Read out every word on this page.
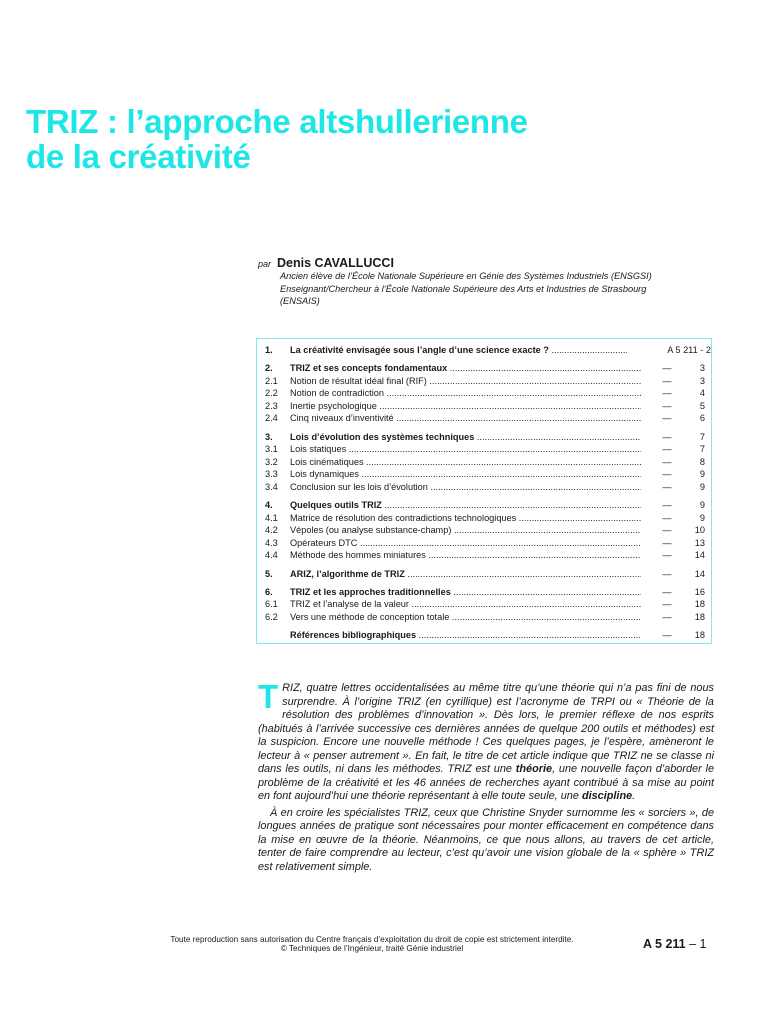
TRIZ : l’approche altshullerienne
de la créativité
par Denis CAVALLUCCI
Ancien élève de l’École Nationale Supérieure en Génie des Systèmes Industriels (ENSGSI)
Enseignant/Chercheur à l’École Nationale Supérieure des Arts et Industries de Strasbourg
(ENSAIS)
1.	La créativité envisagée sous l’angle d’une science exacte ? .....	A 5 211 - 2
2.	TRIZ et ses concepts fondamentaux .....	—	3
2.1	Notion de résultat idéal final (RIF) .....	—	3
2.2	Notion de contradiction .....	—	4
2.3	Inertie psychologique .....	—	5
2.4	Cinq niveaux d’inventivité .....	—	6
3.	Lois d’évolution des systèmes techniques .....	—	7
3.1	Lois statiques .....	—	7
3.2	Lois cinématiques .....	—	8
3.3	Lois dynamiques .....	—	9
3.4	Conclusion sur les lois d’évolution .....	—	9
4.	Quelques outils TRIZ .....	—	9
4.1	Matrice de résolution des contradictions technologiques .....	—	9
4.2	Vépoles (ou analyse substance-champ) .....	—	10
4.3	Opérateurs DTC .....	—	13
4.4	Méthode des hommes miniatures .....	—	14
5.	ARIZ, l’algorithme de TRIZ .....	—	14
6.	TRIZ et les approches traditionnelles .....	—	16
6.1	TRIZ et l’analyse de la valeur .....	—	18
6.2	Vers une méthode de conception totale .....	—	18
Références bibliographiques .....	—	18

TRIZ, quatre lettres occidentalisées au même titre qu’une théorie qui n’a pas fini de nous surprendre. À l’origine TRIZ (en cyrillique) est l’acronyme de TRPI ou « Théorie de la résolution des problèmes d’innovation ». Dès lors, le premier réflexe de nos esprits (habitués à l’arrivée successive ces dernières années de quelque 200 outils et méthodes) est la suspicion. Encore une nouvelle méthode ! Ces quelques pages, je l’espère, amèneront le lecteur à « penser autrement ». En fait, le titre de cet article indique que TRIZ ne se classe ni dans les outils, ni dans les méthodes. TRIZ est une théorie, une nouvelle façon d’aborder le problème de la créativité et les 46 années de recherches ayant contribué à sa mise au point en font aujourd’hui une théorie représentant à elle toute seule, une discipline.

À en croire les spécialistes TRIZ, ceux que Christine Snyder surnomme les « sorciers », de longues années de pratique sont nécessaires pour monter efficacement en compétence dans la mise en œuvre de la théorie. Néanmoins, ce que nous allons, au travers de cet article, tenter de faire comprendre au lecteur, c’est qu’avoir une vision globale de la « sphère » TRIZ est relativement simple.

Toute reproduction sans autorisation du Centre français d’exploitation du droit de copie est strictement interdite.
© Techniques de l’Ingénieur, traité Génie industriel	A 5 211 – 1
